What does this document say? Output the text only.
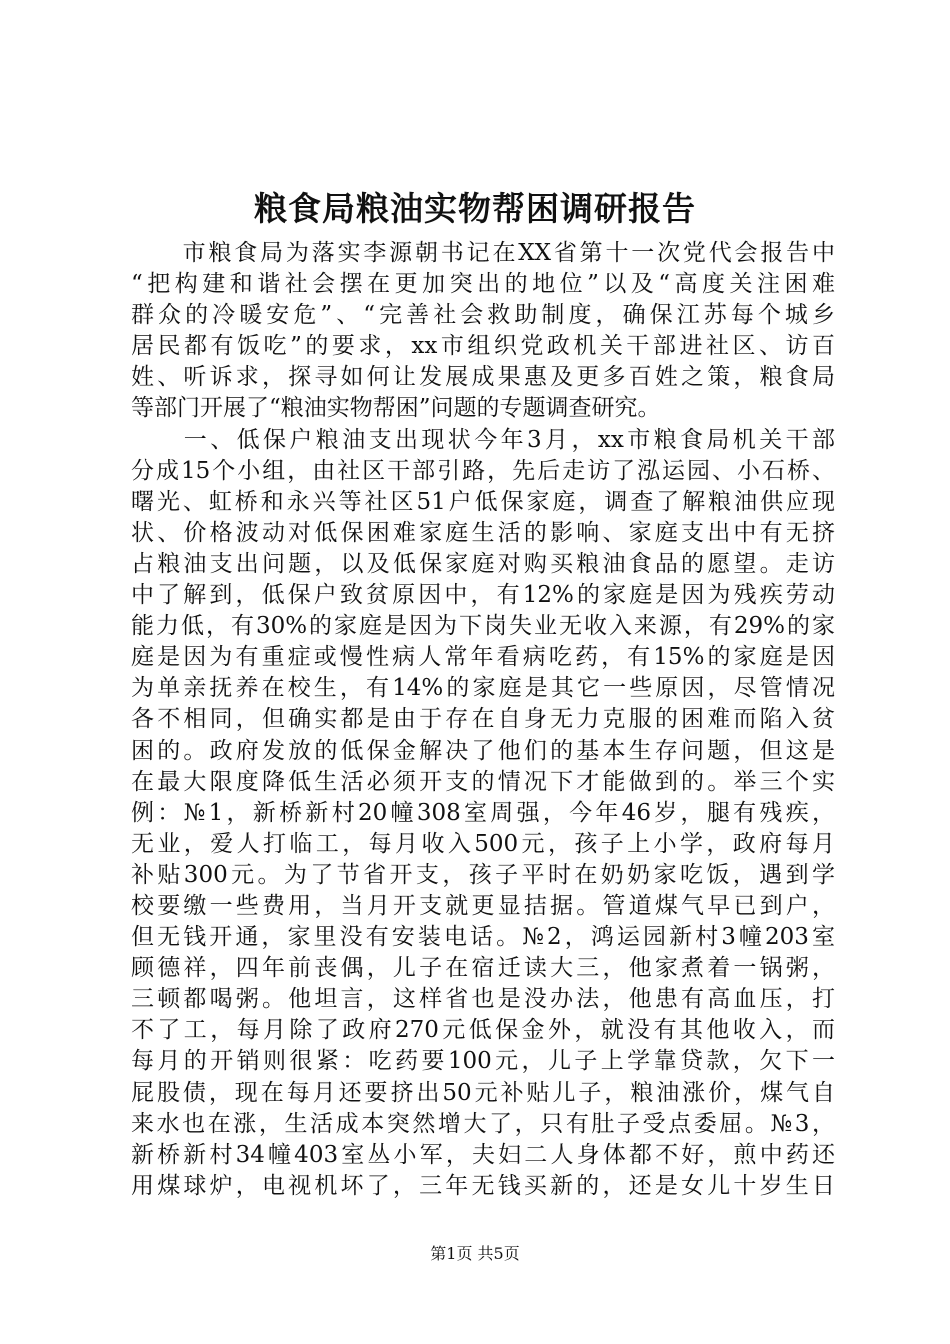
粮食局粮油实物帮困调研报告
　　市粮食局为落实李源朝书记在XX省第十一次党代会报告中
“把构建和谐社会摆在更加突出的地位”以及“高度关注困难
群众的冷暖安危”、“完善社会救助制度，确保江苏每个城乡
居民都有饭吃”的要求，xx市组织党政机关干部进社区、访百
姓、听诉求，探寻如何让发展成果惠及更多百姓之策，粮食局
等部门开展了“粮油实物帮困”问题的专题调查研究。
　　一、低保户粮油支出现状今年3月，xx市粮食局机关干部
分成15个小组，由社区干部引路，先后走访了泓运园、小石桥、
曙光、虹桥和永兴等社区51户低保家庭，调查了解粮油供应现
状、价格波动对低保困难家庭生活的影响、家庭支出中有无挤
占粮油支出问题，以及低保家庭对购买粮油食品的愿望。走访
中了解到，低保户致贫原因中，有12%的家庭是因为残疾劳动
能力低，有30%的家庭是因为下岗失业无收入来源，有29%的家
庭是因为有重症或慢性病人常年看病吃药，有15%的家庭是因
为单亲抚养在校生，有14%的家庭是其它一些原因，尽管情况
各不相同，但确实都是由于存在自身无力克服的困难而陷入贫
困的。政府发放的低保金解决了他们的基本生存问题，但这是
在最大限度降低生活必须开支的情况下才能做到的。举三个实
例：№1，新桥新村20幢308室周强，今年46岁，腿有残疾，
无业，爱人打临工，每月收入500元，孩子上小学，政府每月
补贴300元。为了节省开支，孩子平时在奶奶家吃饭，遇到学
校要缴一些费用，当月开支就更显拮据。管道煤气早已到户，
但无钱开通，家里没有安装电话。№2，鸿运园新村3幢203室
顾德祥，四年前丧偶，儿子在宿迁读大三，他家煮着一锅粥，
三顿都喝粥。他坦言，这样省也是没办法，他患有高血压，打
不了工，每月除了政府270元低保金外，就没有其他收入，而
每月的开销则很紧：吃药要100元，儿子上学靠贷款，欠下一
屁股债，现在每月还要挤出50元补贴儿子，粮油涨价，煤气自
来水也在涨，生活成本突然增大了，只有肚子受点委屈。№3，
新桥新村34幢403室丛小军，夫妇二人身体都不好，煎中药还
用煤球炉，电视机坏了，三年无钱买新的，还是女儿十岁生日
第1页 共5页
